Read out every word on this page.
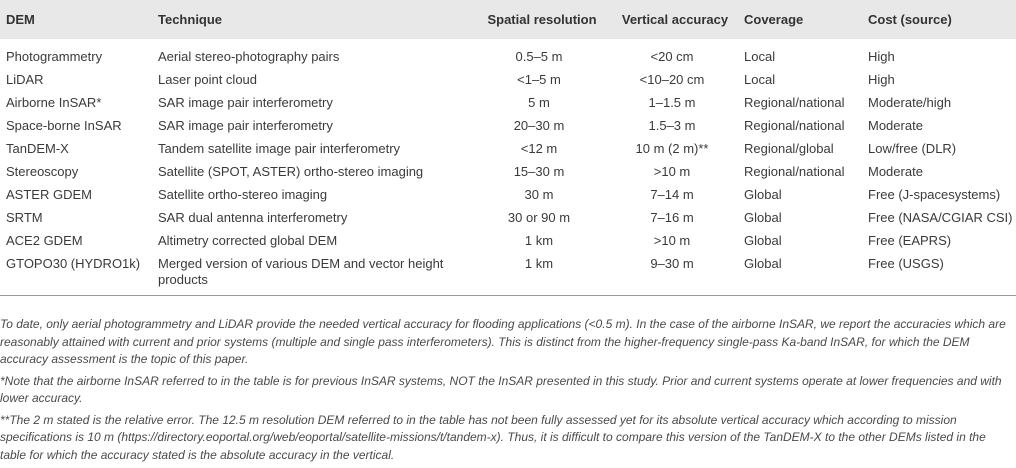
DEM	Technique	Spatial resolution	Vertical accuracy	Coverage	Cost (source)
Photogrammetry	Aerial stereo-photography pairs	0.5–5 m	<20 cm	Local	High
LiDAR	Laser point cloud	<1–5 m	<10–20 cm	Local	High
Airborne InSAR*	SAR image pair interferometry	5 m	1–1.5 m	Regional/national	Moderate/high
Space-borne InSAR	SAR image pair interferometry	20–30 m	1.5–3 m	Regional/national	Moderate
TanDEM-X	Tandem satellite image pair interferometry	<12 m	10 m (2 m)**	Regional/global	Low/free (DLR)
Stereoscopy	Satellite (SPOT, ASTER) ortho-stereo imaging	15–30 m	>10 m	Regional/national	Moderate
ASTER GDEM	Satellite ortho-stereo imaging	30 m	7–14 m	Global	Free (J-spacesystems)
SRTM	SAR dual antenna interferometry	30 or 90 m	7–16 m	Global	Free (NASA/CGIAR CSI)
ACE2 GDEM	Altimetry corrected global DEM	1 km	>10 m	Global	Free (EAPRS)
GTOPO30 (HYDRO1k)	Merged version of various DEM and vector height products	1 km	9–30 m	Global	Free (USGS)

To date, only aerial photogrammetry and LiDAR provide the needed vertical accuracy for flooding applications (<0.5 m). In the case of the airborne InSAR, we report the accuracies which are reasonably attained with current and prior systems (multiple and single pass interferometers). This is distinct from the higher-frequency single-pass Ka-band InSAR, for which the DEM accuracy assessment is the topic of this paper.

*Note that the airborne InSAR referred to in the table is for previous InSAR systems, NOT the InSAR presented in this study. Prior and current systems operate at lower frequencies and with lower accuracy.

**The 2 m stated is the relative error. The 12.5 m resolution DEM referred to in the table has not been fully assessed yet for its absolute vertical accuracy which according to mission specifications is 10 m (https://directory.eoportal.org/web/eoportal/satellite-missions/t/tandem-x). Thus, it is difficult to compare this version of the TanDEM-X to the other DEMs listed in the table for which the accuracy stated is the absolute accuracy in the vertical.
